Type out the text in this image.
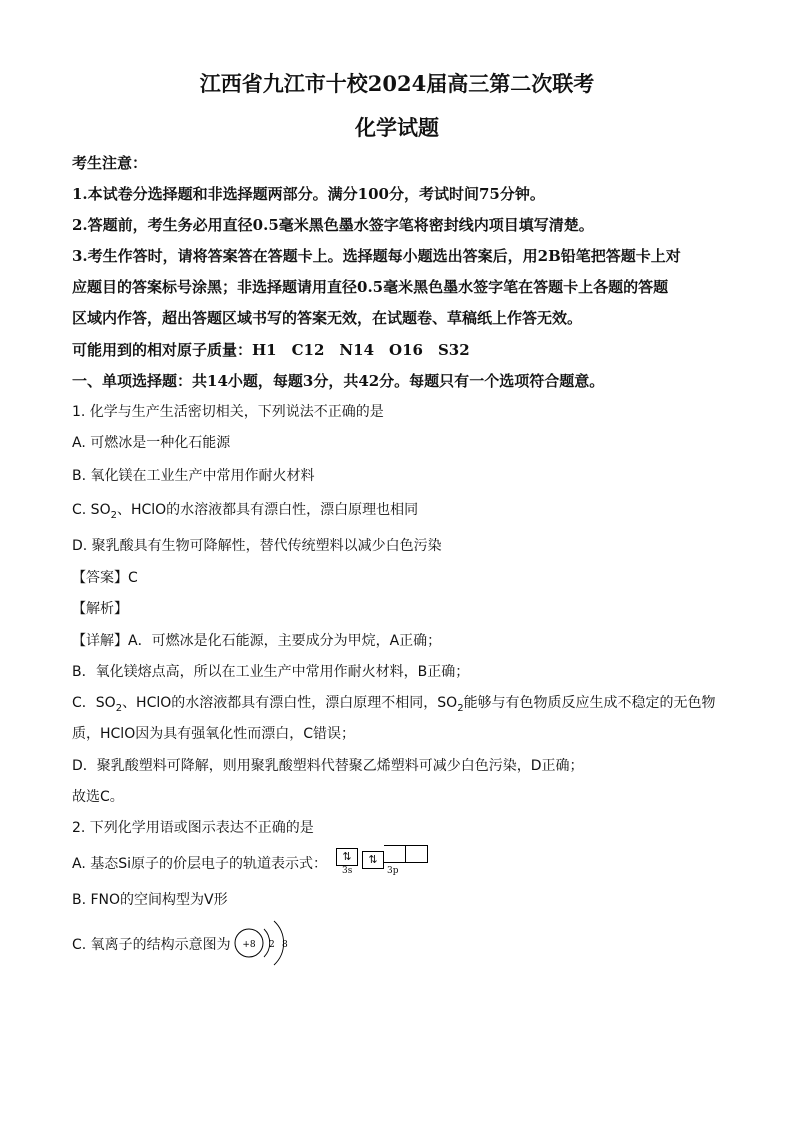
江西省九江市十校2024届高三第二次联考
化学试题
考生注意：
1.本试卷分选择题和非选择题两部分。满分100分，考试时间75分钟。
2.答题前，考生务必用直径0.5毫米黑色墨水签字笔将密封线内项目填写清楚。
3.考生作答时，请将答案答在答题卡上。选择题每小题选出答案后，用2B铅笔把答题卡上对
应题目的答案标号涂黑；非选择题请用直径0.5毫米黑色墨水签字笔在答题卡上各题的答题
区域内作答，超出答题区域书写的答案无效，在试题卷、草稿纸上作答无效。
可能用到的相对原子质量：H1　C12　N14　O16　S32
一、单项选择题：共14小题，每题3分，共42分。每题只有一个选项符合题意。
1. 化学与生产生活密切相关，下列说法不正确的是
A. 可燃冰是一种化石能源
B. 氧化镁在工业生产中常用作耐火材料
C. $SO_2$、HClO的水溶液都具有漂白性，漂白原理也相同
D. 聚乳酸具有生物可降解性，替代传统塑料以减少白色污染
【答案】C
【解析】
【详解】A．可燃冰是化石能源，主要成分为甲烷，A正确；
B．氧化镁熔点高，所以在工业生产中常用作耐火材料，B正确；
C．$SO_2$、HClO的水溶液都具有漂白性，漂白原理不相同，$SO_2$能够与有色物质反应生成不稳定的无色物
质，HClO因为具有强氧化性而漂白，C错误；
D．聚乳酸塑料可降解，则用聚乳酸塑料代替聚乙烯塑料可减少白色污染，D正确；
故选C。
2. 下列化学用语或图示表达不正确的是
A. 基态Si原子的价层电子的轨道表示式：	⇅	⇅
3s	3p
B. FNO的空间构型为V形
C. 氧离子的结构示意图为 +8 2 8
